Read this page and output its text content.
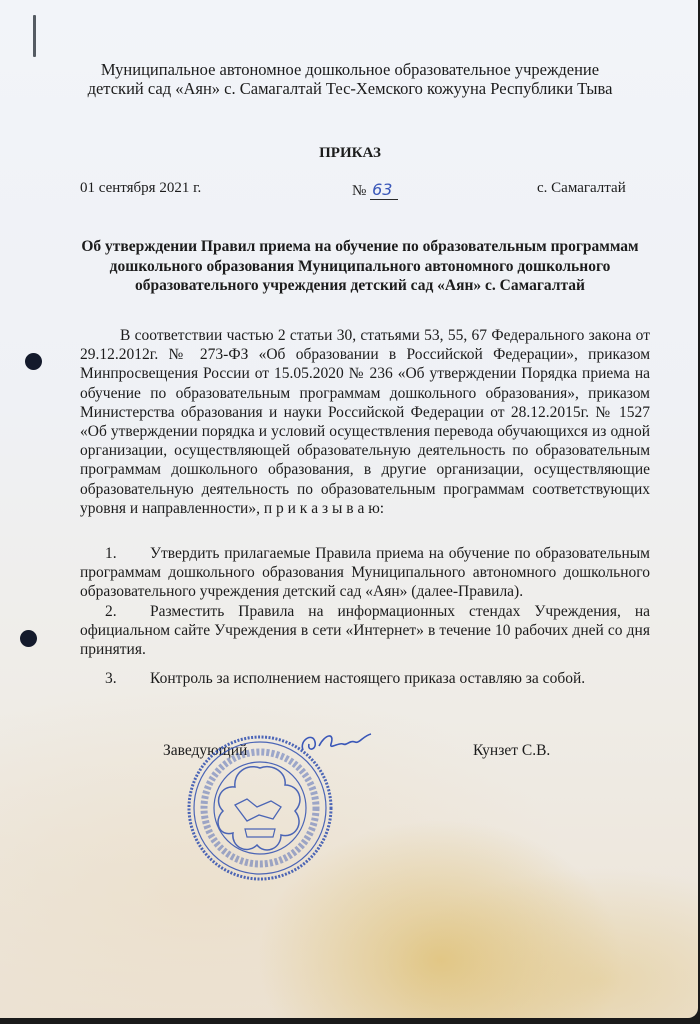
Муниципальное автономное дошкольное образовательное учреждение
детский сад «Аян» с. Самагалтай Тес-Хемского кожууна Республики Тыва
ПРИКАЗ
01 сентября 2021 г.	№ 63	с. Самагалтай
Об утверждении Правил приема на обучение по образовательным программам
дошкольного образования Муниципального автономного дошкольного
образовательного учреждения детский сад «Аян» с. Самагалтай

В соответствии частью 2 статьи 30, статьями 53, 55, 67 Федерального закона от 29.12.2012г. № 273-ФЗ «Об образовании в Российской Федерации», приказом Минпросвещения России от 15.05.2020 № 236 «Об утверждении Порядка приема на обучение по образовательным программам дошкольного образования», приказом Министерства образования и науки Российской Федерации от 28.12.2015г. № 1527 «Об утверждении порядка и условий осуществления перевода обучающихся из одной организации, осуществляющей образовательную деятельность по образовательным программам дошкольного образования, в другие организации, осуществляющие образовательную деятельность по образовательным программам соответствующих уровня и направленности», п р и к а з ы в а ю:

1. Утвердить прилагаемые Правила приема на обучение по образовательным программам дошкольного образования Муниципального автономного дошкольного образовательного учреждения детский сад «Аян» (далее-Правила).

2. Разместить Правила на информационных стендах Учреждения, на официальном сайте Учреждения в сети «Интернет» в течение 10 рабочих дней со дня принятия.

3. Контроль за исполнением настоящего приказа оставляю за собой.

Заведующий	Кунзет С.В.
